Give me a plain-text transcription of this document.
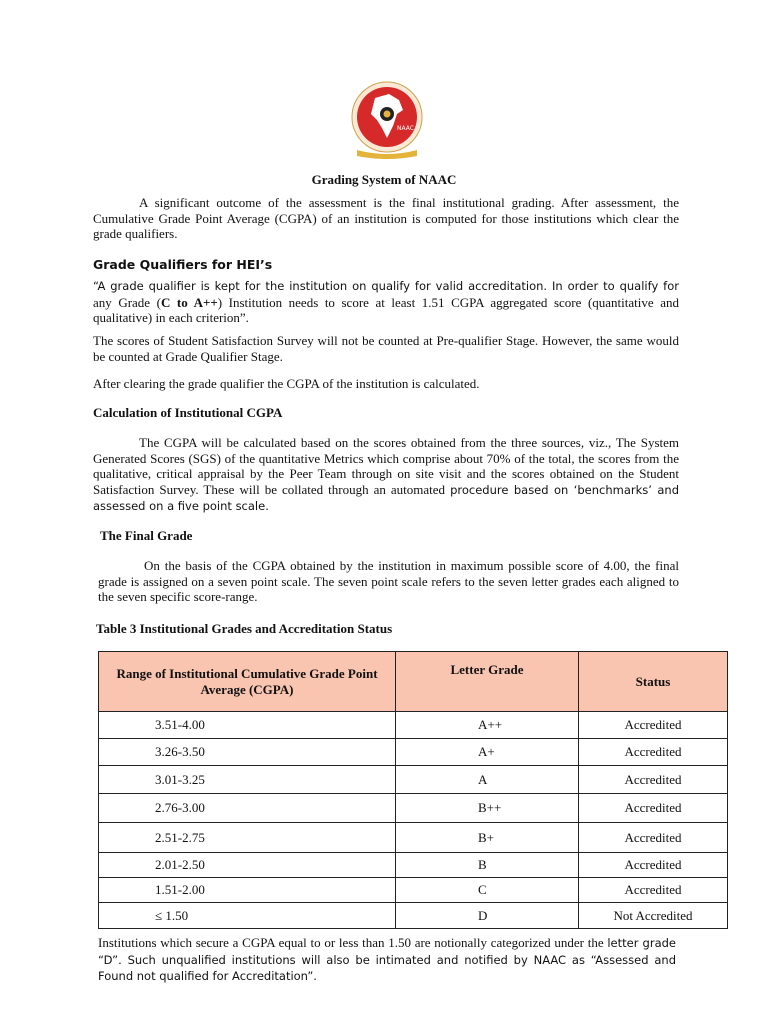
NAAC
Grading System of NAAC
A significant outcome of the assessment is the final institutional grading. After assessment, the Cumulative Grade Point Average (CGPA) of an institution is computed for those institutions which clear the grade qualifiers.
Grade Qualifiers for HEI’s
“A grade qualifier is kept for the institution on qualify for valid accreditation. In order to qualify for any Grade (C to A++) Institution needs to score at least 1.51 CGPA aggregated score (quantitative and qualitative) in each criterion”.
The scores of Student Satisfaction Survey will not be counted at Pre-qualifier Stage. However, the same would be counted at Grade Qualifier Stage.
After clearing the grade qualifier the CGPA of the institution is calculated.
Calculation of Institutional CGPA
The CGPA will be calculated based on the scores obtained from the three sources, viz., The System Generated Scores (SGS) of the quantitative Metrics which comprise about 70% of the total, the scores from the qualitative, critical appraisal by the Peer Team through on site visit and the scores obtained on the Student Satisfaction Survey. These will be collated through an automated procedure based on ‘benchmarks’ and assessed on a five point scale.
The Final Grade
On the basis of the CGPA obtained by the institution in maximum possible score of 4.00, the final grade is assigned on a seven point scale. The seven point scale refers to the seven letter grades each aligned to the seven specific score-range.
Table 3 Institutional Grades and Accreditation Status
Range of Institutional Cumulative Grade Point Average (CGPA)	Letter Grade	Status
3.51-4.00	A++	Accredited
3.26-3.50	A+	Accredited
3.01-3.25	A	Accredited
2.76-3.00	B++	Accredited
2.51-2.75	B+	Accredited
2.01-2.50	B	Accredited
1.51-2.00	C	Accredited
≤ 1.50	D	Not Accredited
Institutions which secure a CGPA equal to or less than 1.50 are notionally categorized under the letter grade “D”. Such unqualified institutions will also be intimated and notified by NAAC as “Assessed and Found not qualified for Accreditation”.
